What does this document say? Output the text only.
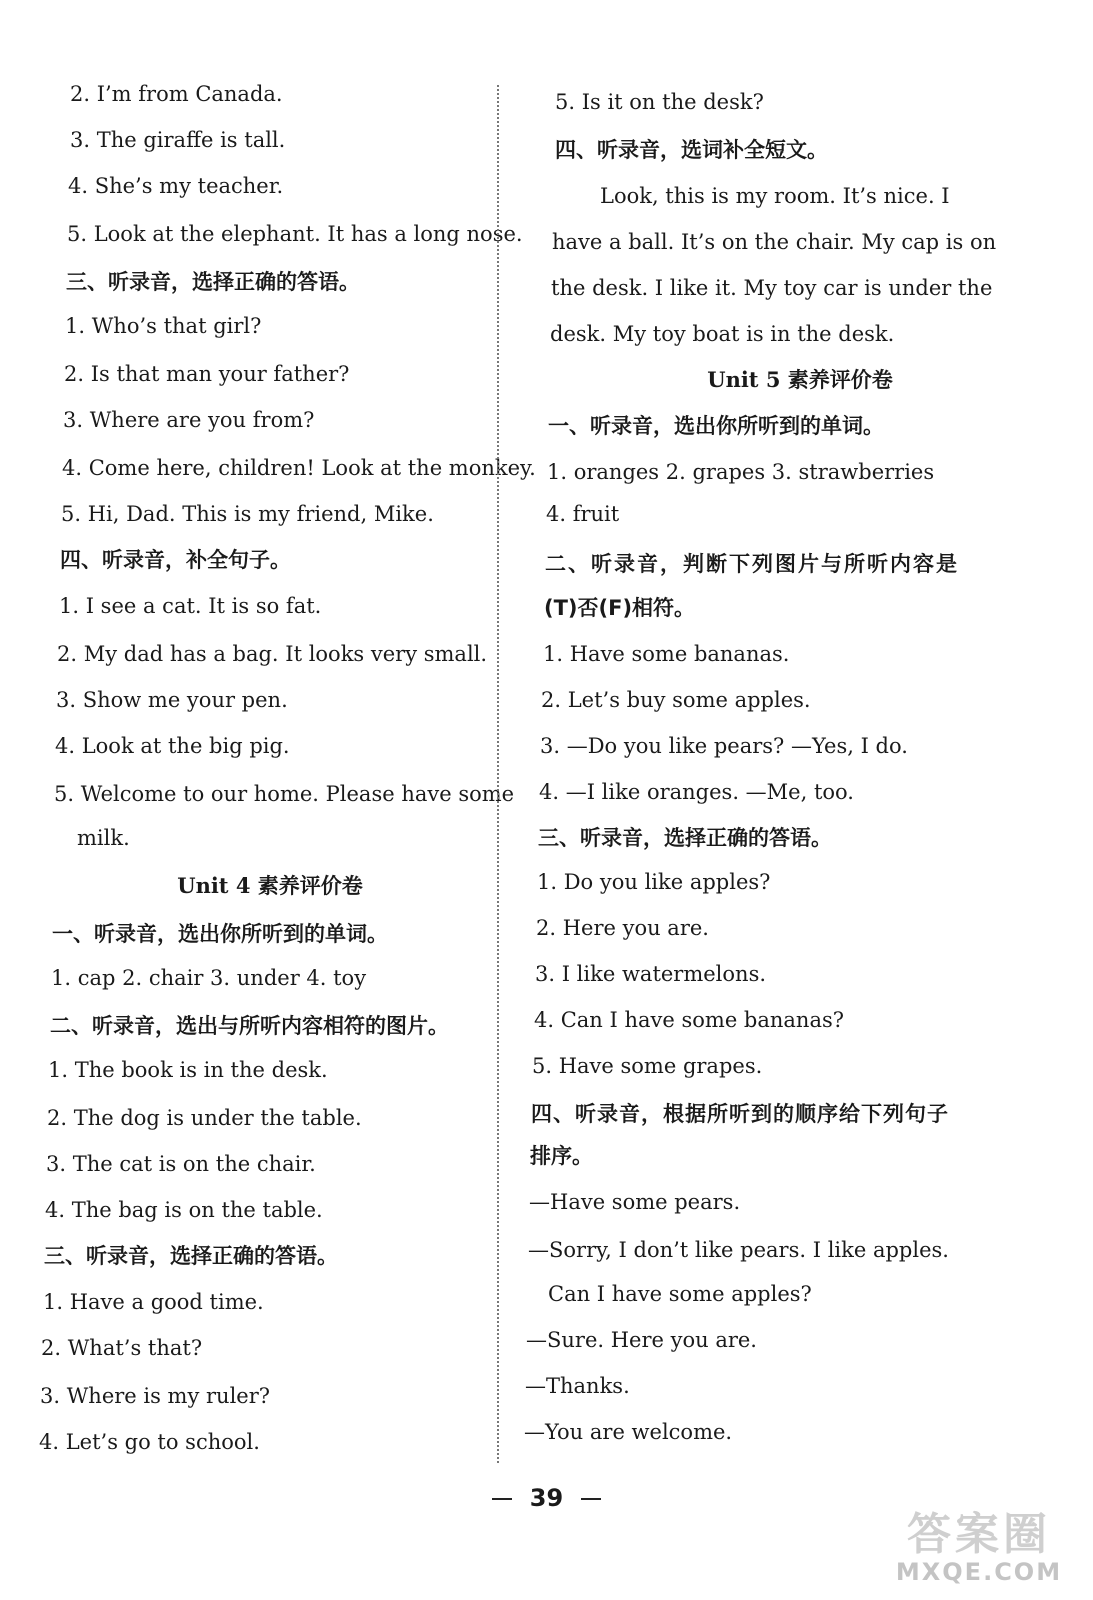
2. I’m from Canada.
3. The giraffe is tall.
4. She’s my teacher.
5. Look at the elephant. It has a long nose.
三、听录音，选择正确的答语。
1. Who’s that girl?
2. Is that man your father?
3. Where are you from?
4. Come here, children! Look at the monkey.
5. Hi, Dad. This is my friend, Mike.
四、听录音，补全句子。
1. I see a cat. It is so fat.
2. My dad has a bag. It looks very small.
3. Show me your pen.
4. Look at the big pig.
5. Welcome to our home. Please have some
milk.
Unit 4 素养评价卷
一、听录音，选出你所听到的单词。
1. cap 2. chair 3. under 4. toy
二、听录音，选出与所听内容相符的图片。
1. The book is in the desk.
2. The dog is under the table.
3. The cat is on the chair.
4. The bag is on the table.
三、听录音，选择正确的答语。
1. Have a good time.
2. What’s that?
3. Where is my ruler?
4. Let’s go to school.
5. Is it on the desk?
四、听录音，选词补全短文。
Look, this is my room. It’s nice. I
have a ball. It’s on the chair. My cap is on
the desk. I like it. My toy car is under the
desk. My toy boat is in the desk.
Unit 5 素养评价卷
一、听录音，选出你所听到的单词。
1. oranges 2. grapes 3. strawberries
4. fruit
二、听录音，判断下列图片与所听内容是
(T)否(F)相符。
1. Have some bananas.
2. Let’s buy some apples.
3. —Do you like pears? —Yes, I do.
4. —I like oranges. —Me, too.
三、听录音，选择正确的答语。
1. Do you like apples?
2. Here you are.
3. I like watermelons.
4. Can I have some bananas?
5. Have some grapes.
四、听录音，根据所听到的顺序给下列句子
排序。
—Have some pears.
—Sorry, I don’t like pears. I like apples.
Can I have some apples?
—Sure. Here you are.
—Thanks.
—You are welcome.
39
答案圈
MXQE.COM
